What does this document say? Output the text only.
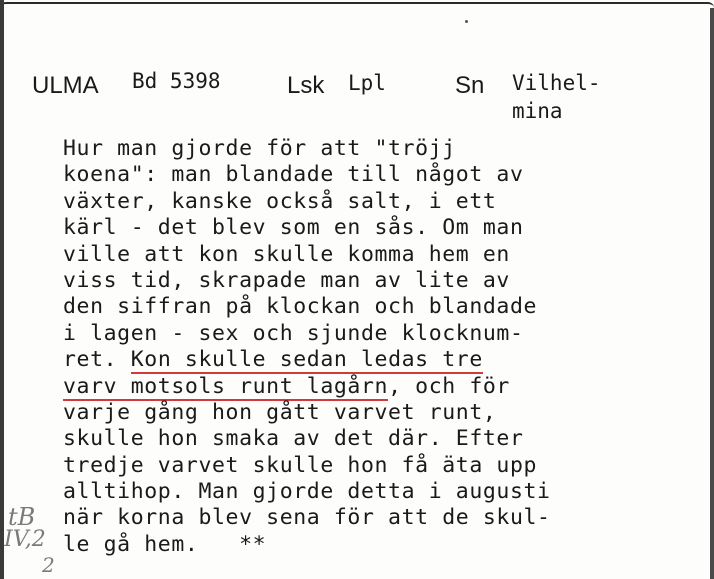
ULMA Bd 5398	Lsk Lpl	Sn Vilhel-
mina
Hur man gjorde för att "tröjj
koena": man blandade till något av
växter, kanske också salt, i ett
kärl - det blev som en sås. Om man
ville att kon skulle komma hem en
viss tid, skrapade man av lite av
den siffran på klockan och blandade
i lagen - sex och sjunde klocknum-
ret. Kon skulle sedan ledas tre
varv motsols runt lagårn, och för
varje gång hon gått varvet runt,
skulle hon smaka av det där. Efter
tredje varvet skulle hon få äta upp
alltihop. Man gjorde detta i augusti
när korna blev sena för att de skul-
le gå hem.   **
tB
IV,2
2
